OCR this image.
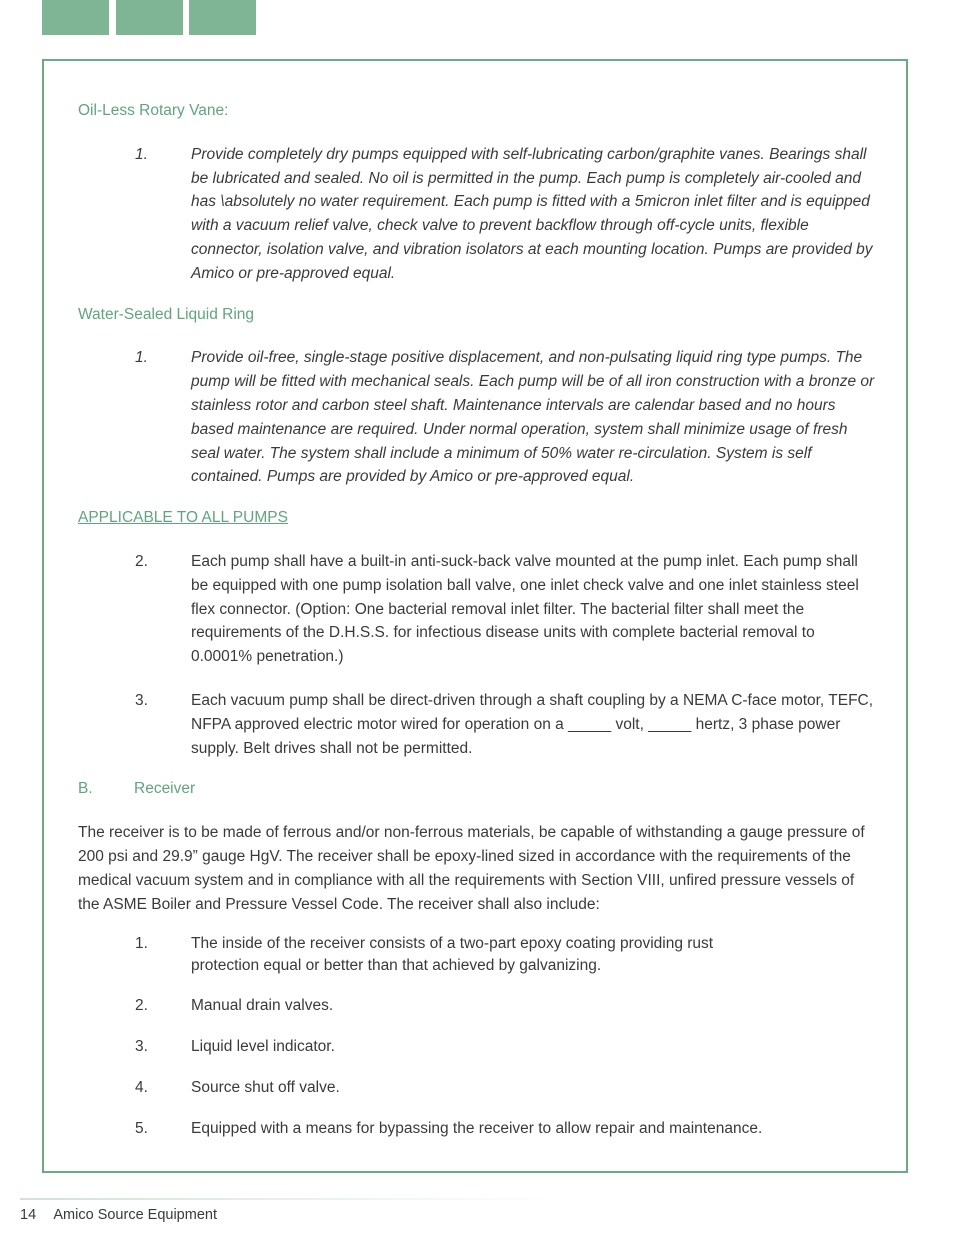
Oil-Less Rotary Vane:

1.	Provide completely dry pumps equipped with self-lubricating carbon/graphite vanes. Bearings shall be lubricated and sealed. No oil is permitted in the pump. Each pump is completely air-cooled and has \absolutely no water requirement. Each pump is fitted with a 5micron inlet filter and is equipped with a vacuum relief valve, check valve to prevent backflow through off-cycle units, flexible connector, isolation valve, and vibration isolators at each mounting location. Pumps are provided by Amico or pre-approved equal.

Water-Sealed Liquid Ring

1.	Provide oil-free, single-stage positive displacement, and non-pulsating liquid ring type pumps. The pump will be fitted with mechanical seals. Each pump will be of all iron construction with a bronze or stainless rotor and carbon steel shaft. Maintenance intervals are calendar based and no hours based maintenance are required. Under normal operation, system shall minimize usage of fresh seal water. The system shall include a minimum of 50% water re-circulation. System is self contained. Pumps are provided by Amico or pre-approved equal.

APPLICABLE TO ALL PUMPS

2.	Each pump shall have a built-in anti-suck-back valve mounted at the pump inlet. Each pump shall be equipped with one pump isolation ball valve, one inlet check valve and one inlet stainless steel flex connector. (Option: One bacterial removal inlet filter. The bacterial filter shall meet the requirements of the D.H.S.S. for infectious disease units with complete bacterial removal to 0.0001% penetration.)
3.	Each vacuum pump shall be direct-driven through a shaft coupling by a NEMA C-face motor, TEFC, NFPA approved electric motor wired for operation on a _____ volt, _____ hertz, 3 phase power supply. Belt drives shall not be permitted.
B.	Receiver

The receiver is to be made of ferrous and/or non-ferrous materials, be capable of withstanding a gauge pressure of 200 psi and 29.9” gauge HgV. The receiver shall be epoxy-lined sized in accordance with the requirements of the medical vacuum system and in compliance with all the requirements with Section VIII, unfired pressure vessels of the ASME Boiler and Pressure Vessel Code. The receiver shall also include:

1.	The inside of the receiver consists of a two-part epoxy coating providing rust protection equal or better than that achieved by galvanizing.
2.	Manual drain valves.
3.	Liquid level indicator.
4.	Source shut off valve.
5.	Equipped with a means for bypassing the receiver to allow repair and maintenance.
14 Amico Source Equipment
